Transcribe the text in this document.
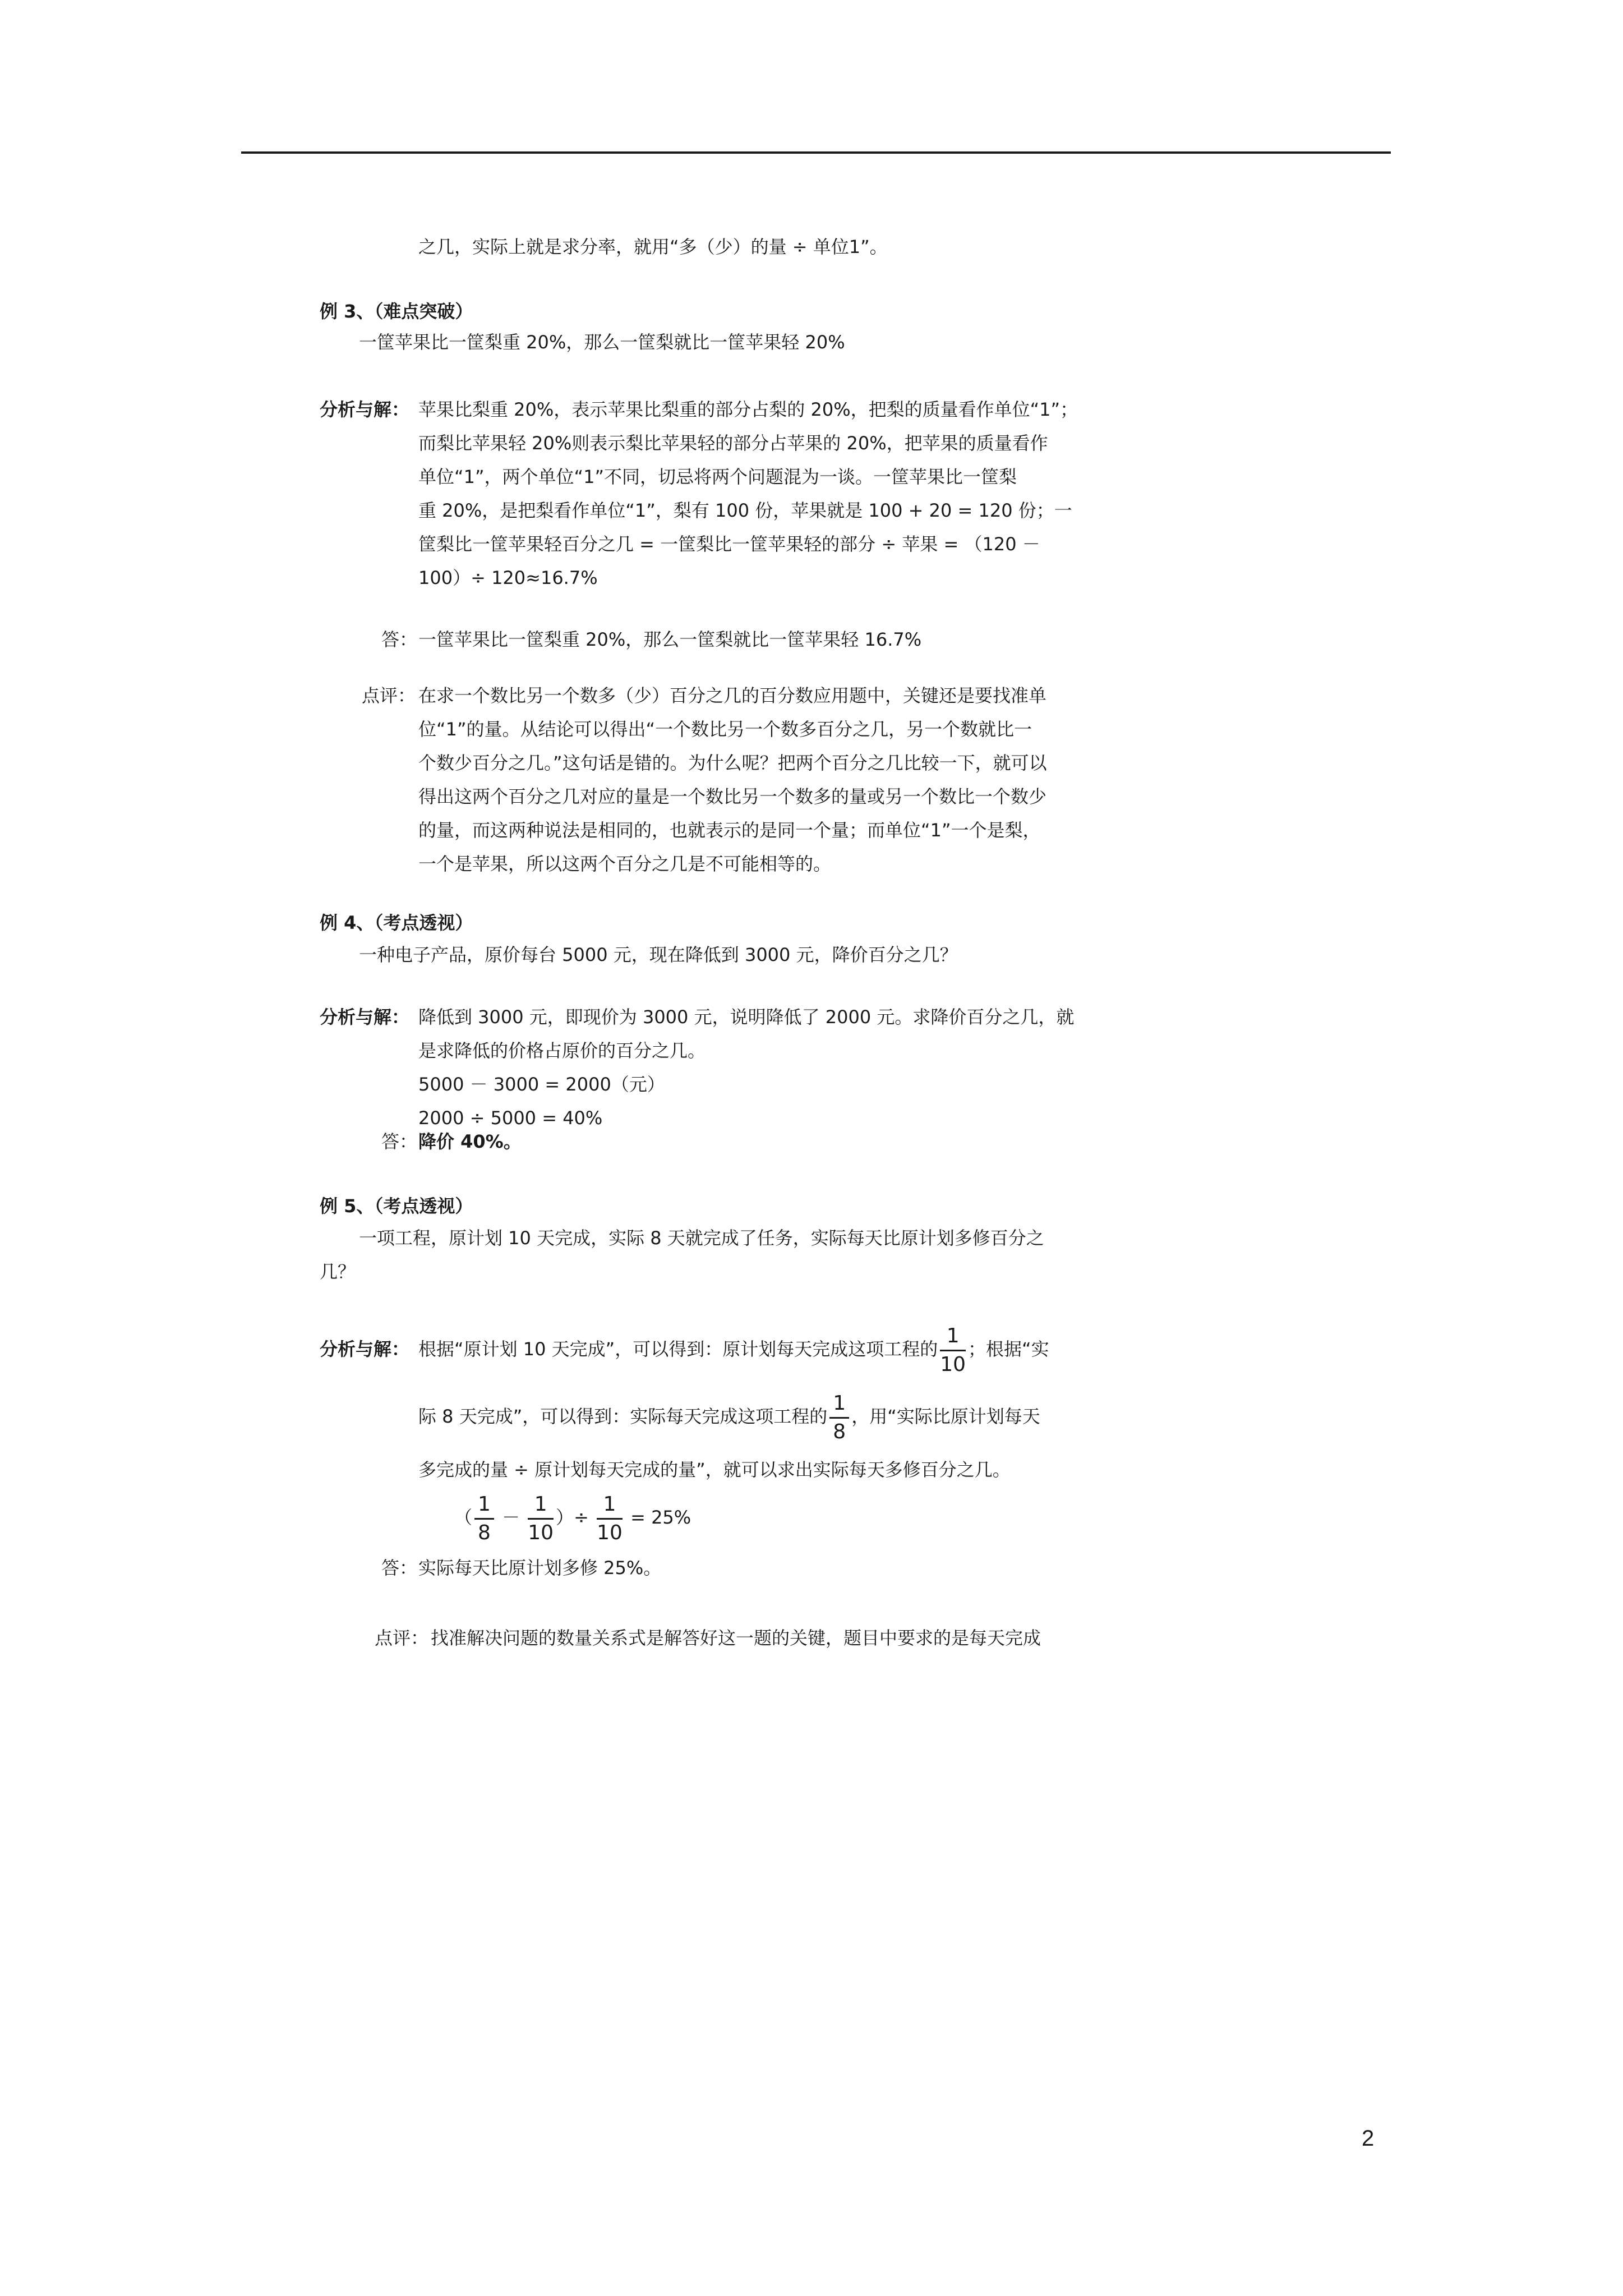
之几，实际上就是求分率，就用“多（少）的量 ÷ 单位1”。
例 3、（难点突破）
一筐苹果比一筐梨重 20%，那么一筐梨就比一筐苹果轻 20%
分析与解： 苹果比梨重 20%，表示苹果比梨重的部分占梨的 20%，把梨的质量看作单位“1”；
而梨比苹果轻 20%则表示梨比苹果轻的部分占苹果的 20%，把苹果的质量看作
单位“1”，两个单位“1”不同，切忌将两个问题混为一谈。一筐苹果比一筐梨
重 20%，是把梨看作单位“1”，梨有 100 份，苹果就是 100 + 20 = 120 份；一
筐梨比一筐苹果轻百分之几 = 一筐梨比一筐苹果轻的部分 ÷ 苹果 = （120 －
100）÷ 120≈16.7%
答： 一筐苹果比一筐梨重 20%，那么一筐梨就比一筐苹果轻 16.7%
点评： 在求一个数比另一个数多（少）百分之几的百分数应用题中，关键还是要找准单
位“1”的量。从结论可以得出“一个数比另一个数多百分之几，另一个数就比一
个数少百分之几。”这句话是错的。为什么呢？把两个百分之几比较一下，就可以
得出这两个百分之几对应的量是一个数比另一个数多的量或另一个数比一个数少
的量，而这两种说法是相同的，也就表示的是同一个量；而单位“1”一个是梨，
一个是苹果，所以这两个百分之几是不可能相等的。
例 4、（考点透视）
一种电子产品，原价每台 5000 元，现在降低到 3000 元，降价百分之几？
分析与解： 降低到 3000 元，即现价为 3000 元，说明降低了 2000 元。求降价百分之几，就
是求降低的价格占原价的百分之几。
5000 － 3000 = 2000（元）
2000 ÷ 5000 = 40%
答： 降价 40%。
例 5、（考点透视）
一项工程，原计划 10 天完成，实际 8 天就完成了任务，实际每天比原计划多修百分之
几？
分析与解： 根据“原计划 10 天完成”，可以得到：原计划每天完成这项工程的 $\frac{1}{10}$ ；根据“实
际 8 天完成”，可以得到：实际每天完成这项工程的 $\frac{1}{8}$ ，用“实际比原计划每天
多完成的量 ÷ 原计划每天完成的量”，就可以求出实际每天多修百分之几。
（ $\frac{1}{8} - \frac{1}{10}$ ）÷ $\frac{1}{10} = 25\%$
答： 实际每天比原计划多修 25%。
点评： 找准解决问题的数量关系式是解答好这一题的关键，题目中要求的是每天完成
2
